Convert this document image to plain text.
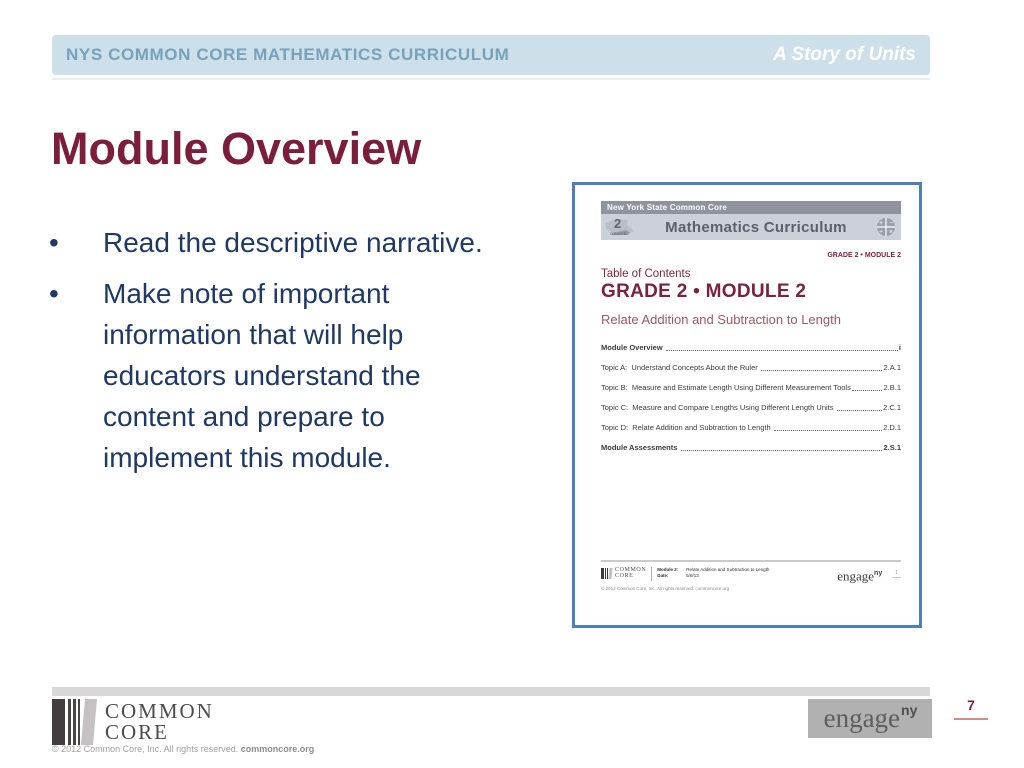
NYS COMMON CORE MATHEMATICS CURRICULUM	A Story of Units
Module Overview
•	Read the descriptive narrative.
•	Make note of important information that will help educators understand the content and prepare to implement this module.
New York State Common Core
2
GRADE	Mathematics Curriculum	+ −
÷ ×
GRADE 2 • MODULE 2
Table of Contents
GRADE 2 • MODULE 2
Relate Addition and Subtraction to Length
Module Overview	i
Topic A:  Understand Concepts About the Ruler	2.A.1
Topic B:  Measure and Estimate Length Using Different Measurement Tools	2.B.1
Topic C:  Measure and Compare Lengths Using Different Length Units	2.C.1
Topic D:  Relate Addition and Subtraction to Length	2.D.1
Module Assessments	2.S.1
COMMON
CORE
Module 2:
Date:
Relate Addition and Subtraction to Length
5/9/13	engage$^{ny}$	1
© 2012 Common Core, Inc. All rights reserved. commoncore.org
COMMON
CORE
© 2012 Common Core, Inc. All rights reserved. commoncore.org
engage ny	7
